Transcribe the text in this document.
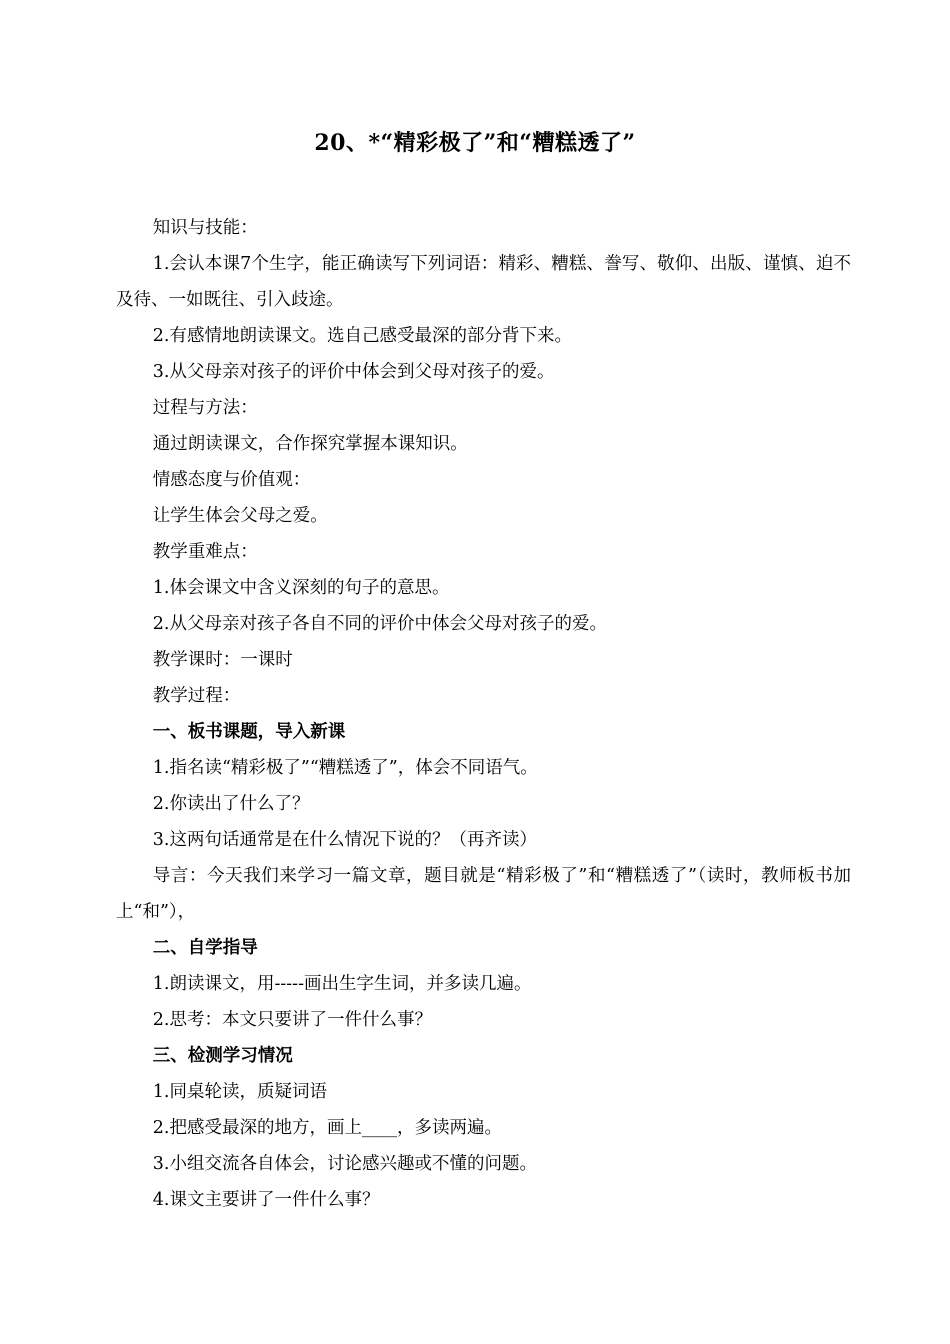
20、*“精彩极了”和“糟糕透了”

知识与技能：

1.会认本课7个生字，能正确读写下列词语：精彩、糟糕、誊写、敬仰、出版、谨慎、迫不及待、一如既往、引入歧途。

2.有感情地朗读课文。选自己感受最深的部分背下来。

3.从父母亲对孩子的评价中体会到父母对孩子的爱。

过程与方法：

通过朗读课文，合作探究掌握本课知识。

情感态度与价值观：

让学生体会父母之爱。

教学重难点：

1.体会课文中含义深刻的句子的意思。

2.从父母亲对孩子各自不同的评价中体会父母对孩子的爱。

教学课时：一课时

教学过程：

一、板书课题，导入新课

1.指名读“精彩极了”“糟糕透了”，体会不同语气。

2.你读出了什么了？

3.这两句话通常是在什么情况下说的？（再齐读）

导言：今天我们来学习一篇文章，题目就是“精彩极了”和“糟糕透了”（读时，教师板书加上“和”），

二、自学指导

1.朗读课文，用-----画出生字生词，并多读几遍。

2.思考：本文只要讲了一件什么事？

三、检测学习情况

1.同桌轮读，质疑词语

2.把感受最深的地方，画上____，多读两遍。

3.小组交流各自体会，讨论感兴趣或不懂的问题。

4.课文主要讲了一件什么事？
